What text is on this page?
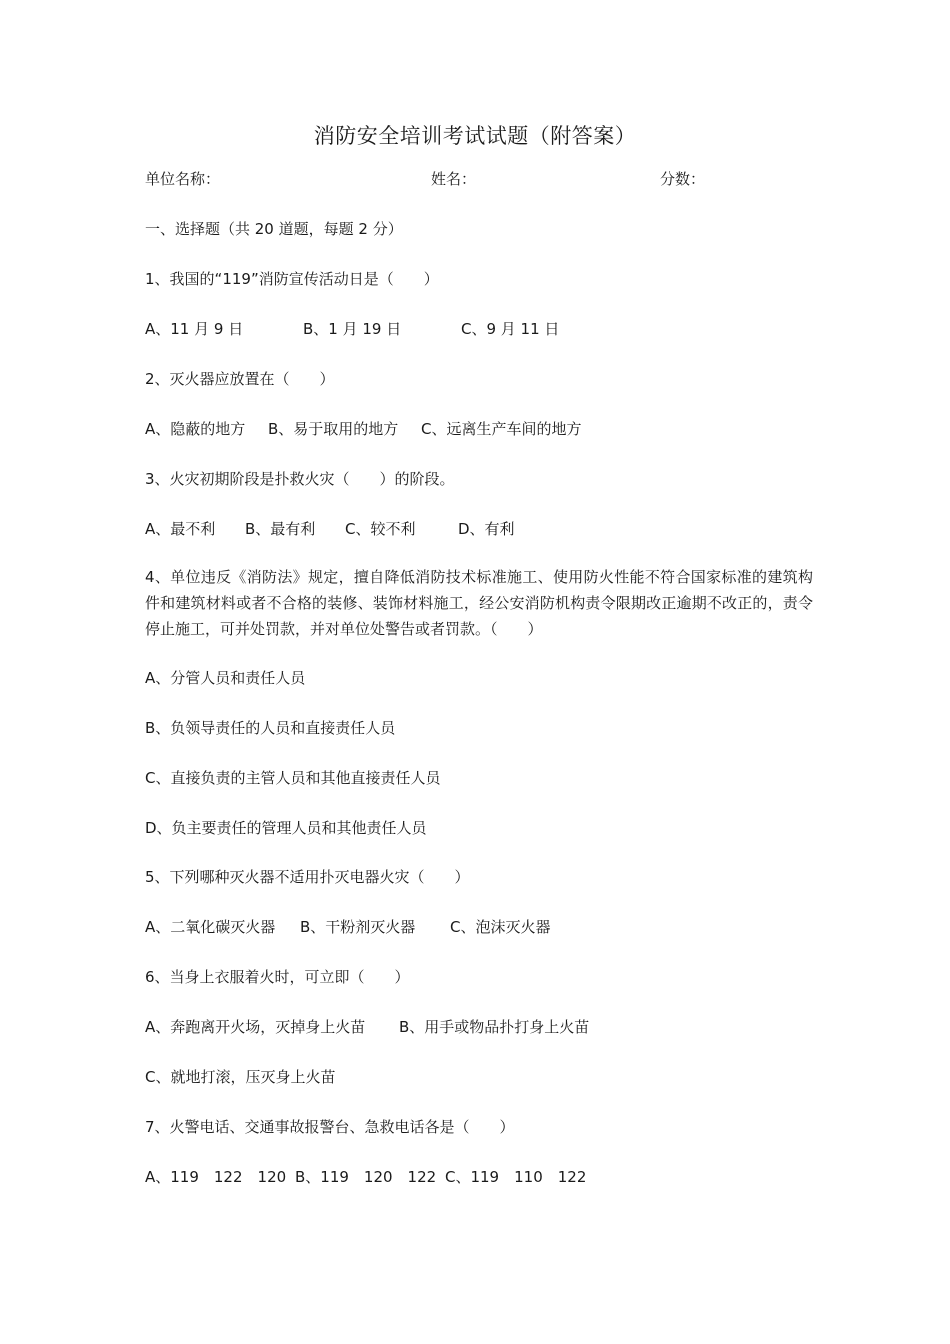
消防安全培训考试试题（附答案）
单位名称：	姓名：	分数：
一、选择题（共 20 道题，每题 2 分）
1、我国的“119”消防宣传活动日是（　　）
A、11 月 9 日	B、1 月 19 日	C、9 月 11 日
2、灭火器应放置在（　　）
A、隐蔽的地方 B、易于取用的地方 C、远离生产车间的地方
3、火灾初期阶段是扑救火灾（　　）的阶段。
A、最不利 B、最有利 C、较不利	D、有利
4、单位违反《消防法》规定，擅自降低消防技术标准施工、使用防火性能不符合国家标准的建筑构件和建筑材料或者不合格的装修、装饰材料施工，经公安消防机构责令限期改正逾期不改正的，责令停止施工，可并处罚款，并对单位处警告或者罚款。（　　）
A、分管人员和责任人员
B、负领导责任的人员和直接责任人员
C、直接负责的主管人员和其他直接责任人员
D、负主要责任的管理人员和其他责任人员
5、下列哪种灭火器不适用扑灭电器火灾（　　）
A、二氧化碳灭火器 B、干粉剂灭火器 C、泡沫灭火器
6、当身上衣服着火时，可立即（　　）
A、奔跑离开火场，灭掉身上火苗 B、用手或物品扑打身上火苗
C、就地打滚，压灭身上火苗
7、火警电话、交通事故报警台、急救电话各是（　　）
A、119　122　120 B、119　120　122 C、119　110　122
